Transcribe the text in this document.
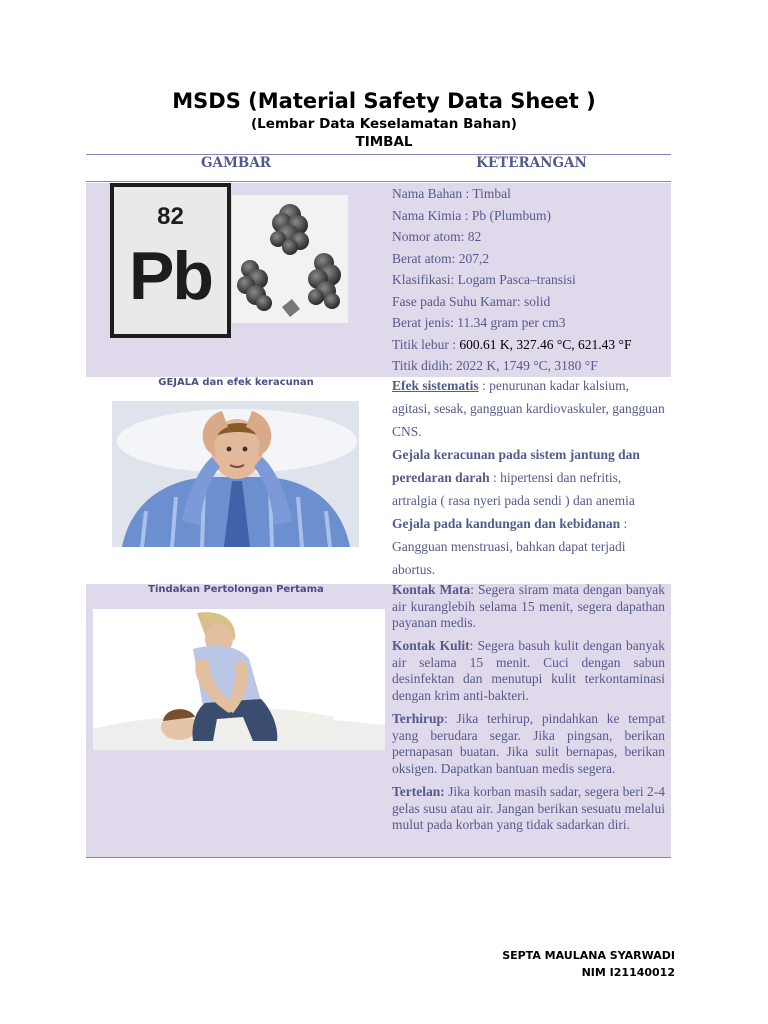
MSDS (Material Safety Data Sheet )
(Lembar Data Keselamatan Bahan)
TIMBAL
GAMBAR	KETERANGAN
82
Pb
Nama Bahan : Timbal
Nama Kimia : Pb (Plumbum)
Nomor atom: 82
Berat atom: 207,2
Klasifikasi: Logam Pasca–transisi
Fase pada Suhu Kamar: solid
Berat jenis: 11.34 gram per cm3
Titik lebur : 600.61 K, 327.46 °C, 621.43 °F
Titik didih: 2022 K, 1749 °C, 3180 °F
GEJALA dan efek keracunan	Efek sistematis : penurunan kadar kalsium, agitasi, sesak, gangguan kardiovaskuler, gangguan CNS.
Gejala keracunan pada sistem jantung dan peredaran darah : hipertensi dan nefritis, artralgia ( rasa nyeri pada sendi ) dan anemia
Gejala pada kandungan dan kebidanan : Gangguan menstruasi, bahkan dapat terjadi abortus.
Tindakan Pertolongan Pertama	Kontak Mata: Segera siram mata dengan banyak air kuranglebih selama 15 menit, segera dapathan payanan medis.

Kontak Kulit: Segera basuh kulit dengan banyak air selama 15 menit. Cuci dengan sabun desinfektan dan menutupi kulit terkontaminasi dengan krim anti-bakteri.

Terhirup: Jika terhirup, pindahkan ke tempat yang berudara segar. Jika pingsan, berikan pernapasan buatan. Jika sulit bernapas, berikan oksigen. Dapatkan bantuan medis segera.

Tertelan: Jika korban masih sadar, segera beri 2-4 gelas susu atau air. Jangan berikan sesuatu melalui mulut pada korban yang tidak sadarkan diri.

SEPTA MAULANA SYARWADI
NIM I21140012
